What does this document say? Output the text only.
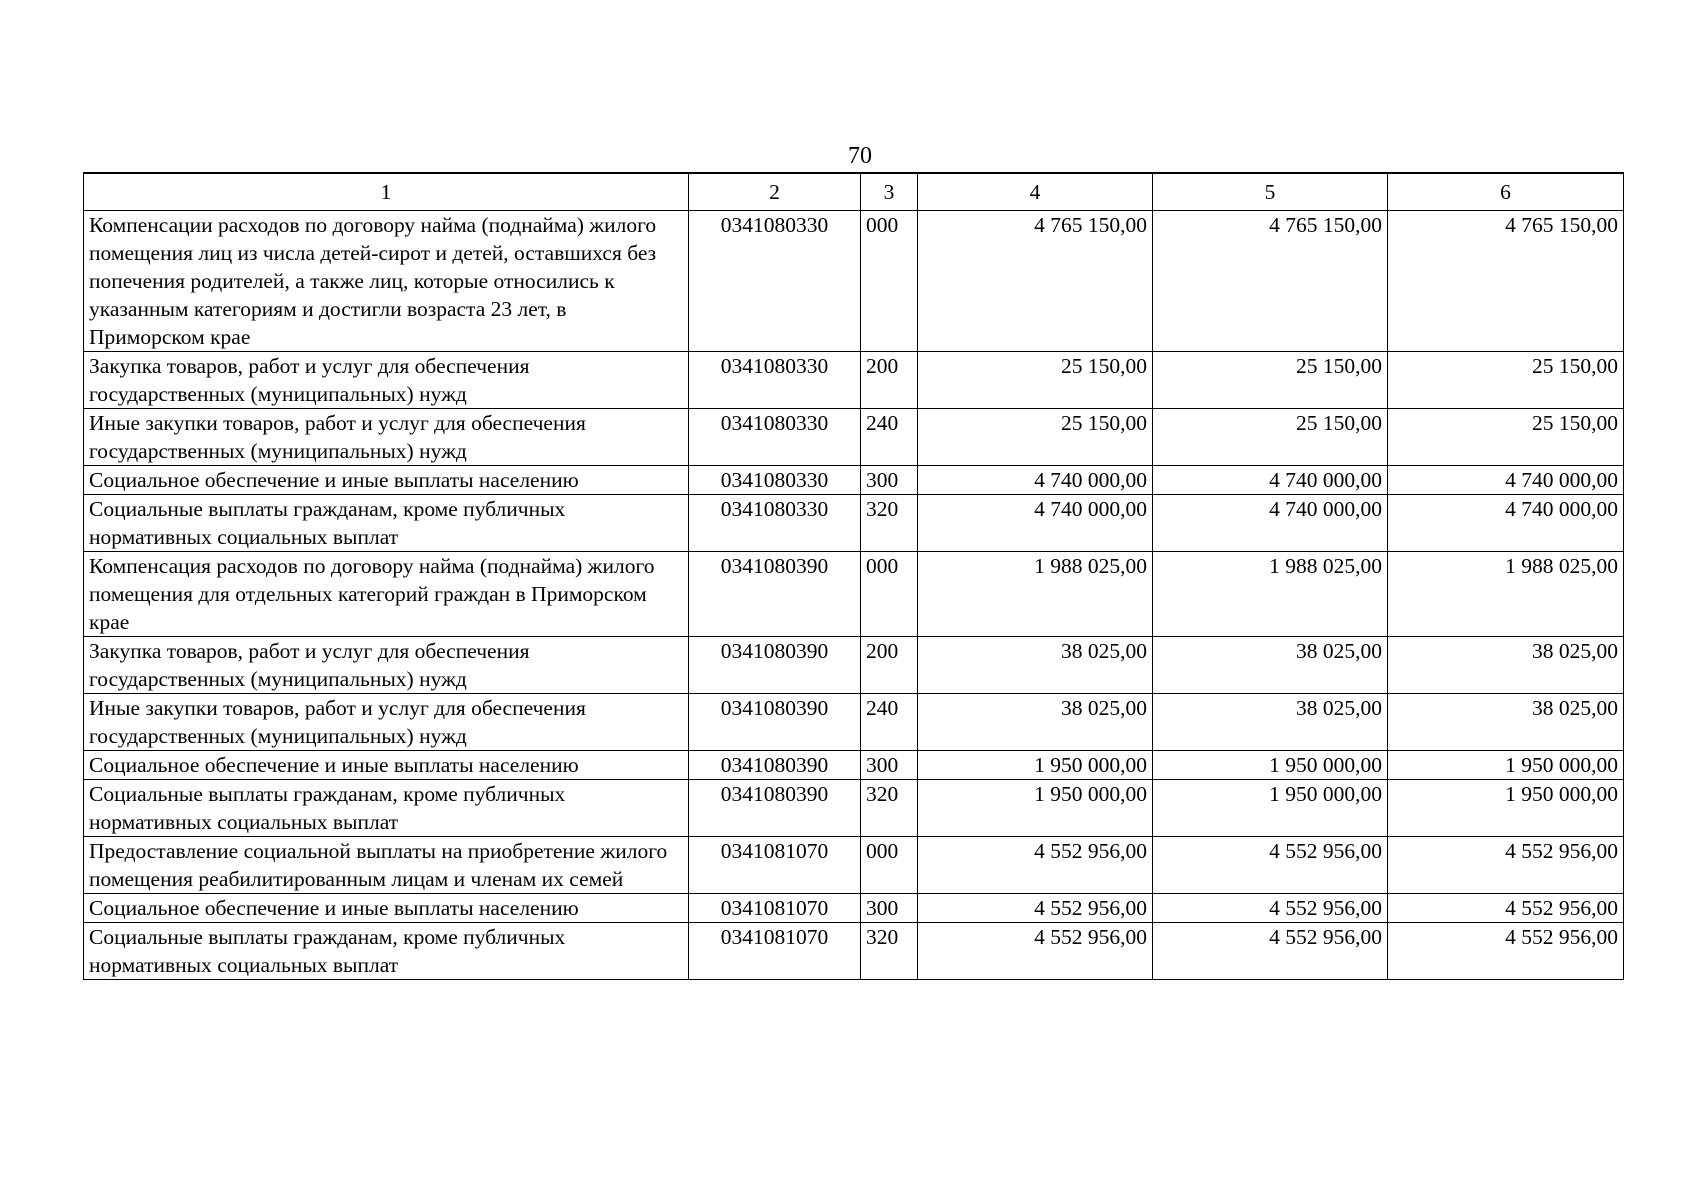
70
1	2	3	4	5	6
Компенсации расходов по договору найма (поднайма) жилого помещения лиц из числа детей-сирот и детей, оставшихся без попечения родителей, а также лиц, которые относились к указанным категориям и достигли возраста 23 лет, в Приморском крае	0341080330	000	4 765 150,00	4 765 150,00	4 765 150,00
Закупка товаров, работ и услуг для обеспечения государственных (муниципальных) нужд	0341080330	200	25 150,00	25 150,00	25 150,00
Иные закупки товаров, работ и услуг для обеспечения государственных (муниципальных) нужд	0341080330	240	25 150,00	25 150,00	25 150,00
Социальное обеспечение и иные выплаты населению	0341080330	300	4 740 000,00	4 740 000,00	4 740 000,00
Социальные выплаты гражданам, кроме публичных нормативных социальных выплат	0341080330	320	4 740 000,00	4 740 000,00	4 740 000,00
Компенсация расходов по договору найма (поднайма) жилого помещения для отдельных категорий граждан в Приморском крае	0341080390	000	1 988 025,00	1 988 025,00	1 988 025,00
Закупка товаров, работ и услуг для обеспечения государственных (муниципальных) нужд	0341080390	200	38 025,00	38 025,00	38 025,00
Иные закупки товаров, работ и услуг для обеспечения государственных (муниципальных) нужд	0341080390	240	38 025,00	38 025,00	38 025,00
Социальное обеспечение и иные выплаты населению	0341080390	300	1 950 000,00	1 950 000,00	1 950 000,00
Социальные выплаты гражданам, кроме публичных нормативных социальных выплат	0341080390	320	1 950 000,00	1 950 000,00	1 950 000,00
Предоставление социальной выплаты на приобретение жилого помещения реабилитированным лицам и членам их семей	0341081070	000	4 552 956,00	4 552 956,00	4 552 956,00
Социальное обеспечение и иные выплаты населению	0341081070	300	4 552 956,00	4 552 956,00	4 552 956,00
Социальные выплаты гражданам, кроме публичных нормативных социальных выплат	0341081070	320	4 552 956,00	4 552 956,00	4 552 956,00
